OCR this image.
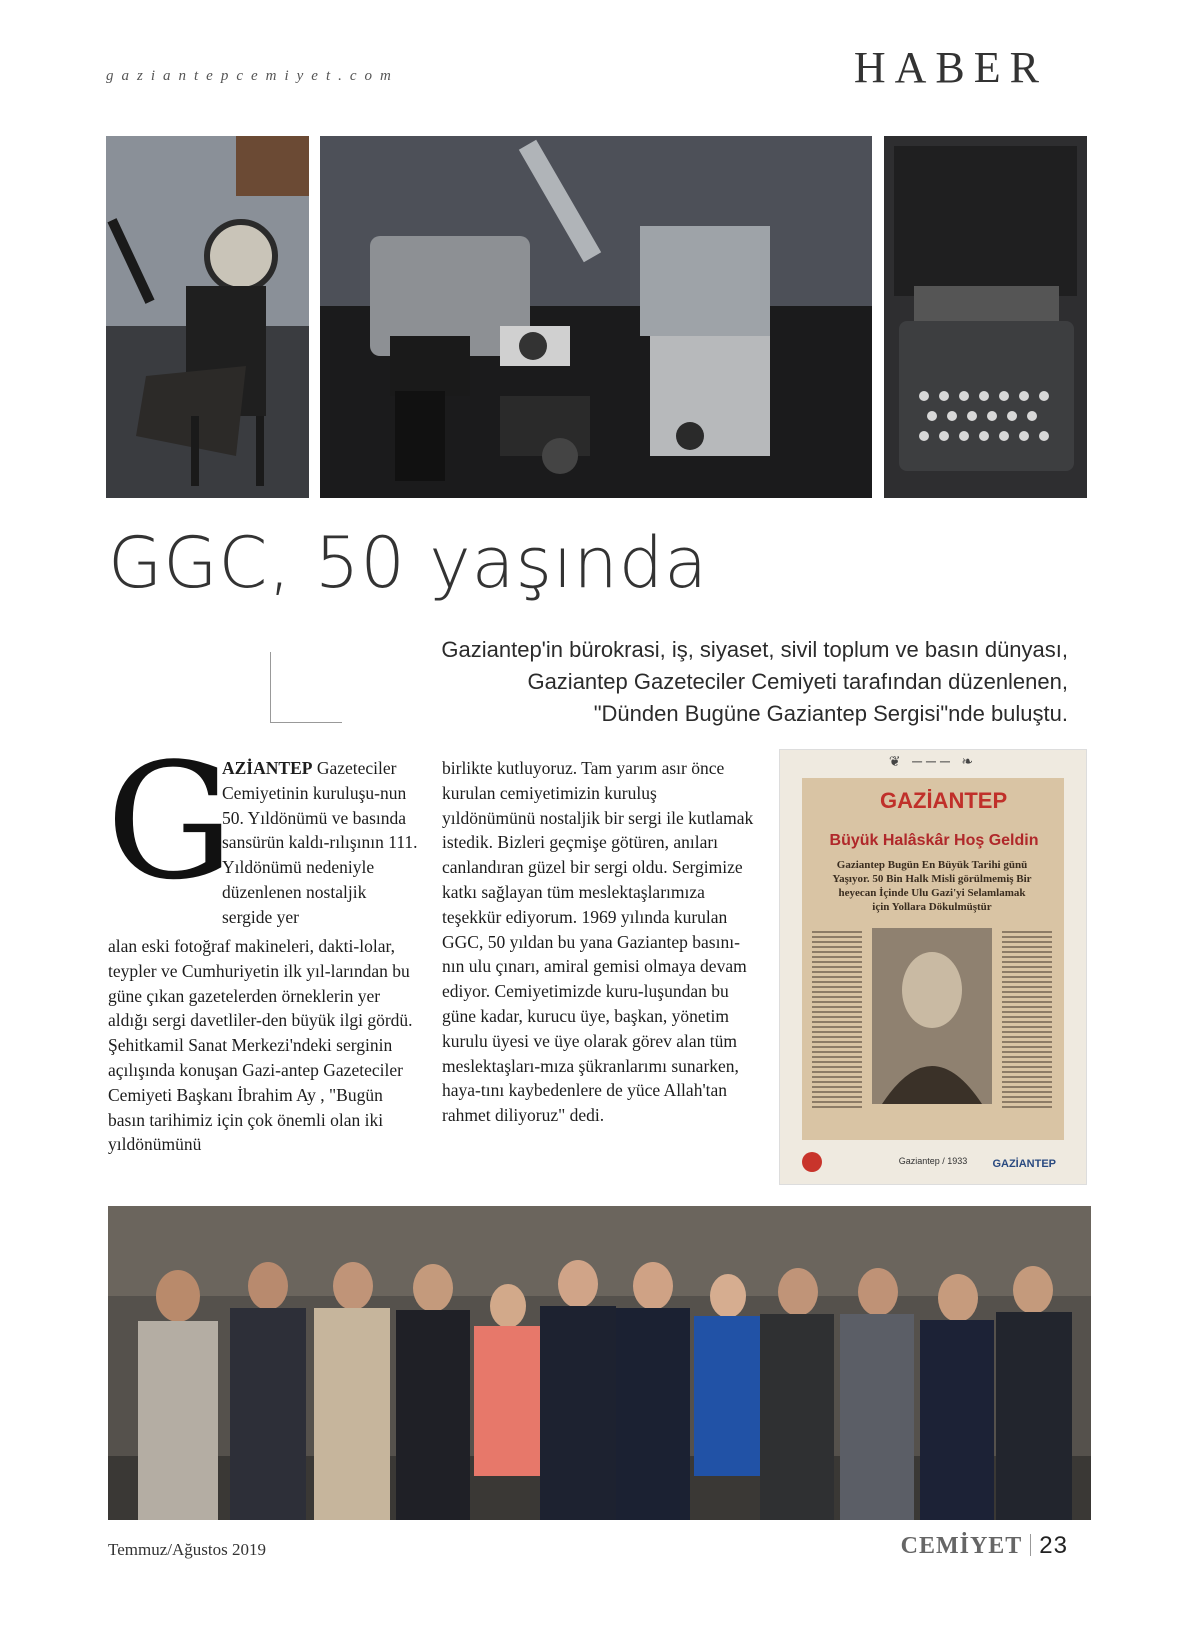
gaziantepcemiyet.com	HABER
GGC, 50 yaşında
Gaziantep'in bürokrasi, iş, siyaset, sivil toplum ve basın dünyası,
Gaziantep Gazeteciler Cemiyeti tarafından düzenlenen,
"Dünden Bugüne Gaziantep Sergisi"nde buluştu.
G

AZİANTEP Gazeteciler Cemiyetinin kuruluşu-nun 50. Yıldönümü ve basında sansürün kaldı-rılışının 111. Yıldönümü nedeniyle düzenlenen nostaljik sergide yer

alan eski fotoğraf makineleri, dakti-lolar, teypler ve Cumhuriyetin ilk yıl-larından bu güne çıkan gazetelerden örneklerin yer aldığı sergi davetliler-den büyük ilgi gördü.

Şehitkamil Sanat Merkezi'ndeki serginin açılışında konuşan Gazi-antep Gazeteciler Cemiyeti Başkanı İbrahim Ay , "Bugün basın tarihimiz için çok önemli olan iki yıldönümünü

birlikte kutluyoruz. Tam yarım asır önce kurulan cemiyetimizin kuruluş yıldönümünü nostaljik bir sergi ile kutlamak istedik. Bizleri geçmişe götüren, anıları canlandıran güzel bir sergi oldu. Sergimize katkı sağlayan tüm meslektaşlarımıza teşekkür ediyorum. 1969 yılında kurulan GGC, 50 yıldan bu yana Gaziantep basını-nın ulu çınarı, amiral gemisi olmaya devam ediyor. Cemiyetimizde kuru-luşundan bu güne kadar, kurucu üye, başkan, yönetim kurulu üyesi ve üye olarak görev alan tüm meslektaşları-mıza şükranlarımı sunarken, haya-tını kaybedenlere de yüce Allah'tan rahmet diliyoruz" dedi.

❦ ─── ❧
GAZİANTEP
Büyük Halâskâr Hoş Geldin
Gaziantep Bugün En Büyük Tarihi günü Yaşıyor. 50 Bin Halk Misli görülmemiş Bir heyecan İçinde Ulu Gazi'yi Selamlamak için Yollara Dökulmüştür
Gaziantep / 1933	GAZİANTEP
Temmuz/Ağustos 2019	CEMİYET 23
